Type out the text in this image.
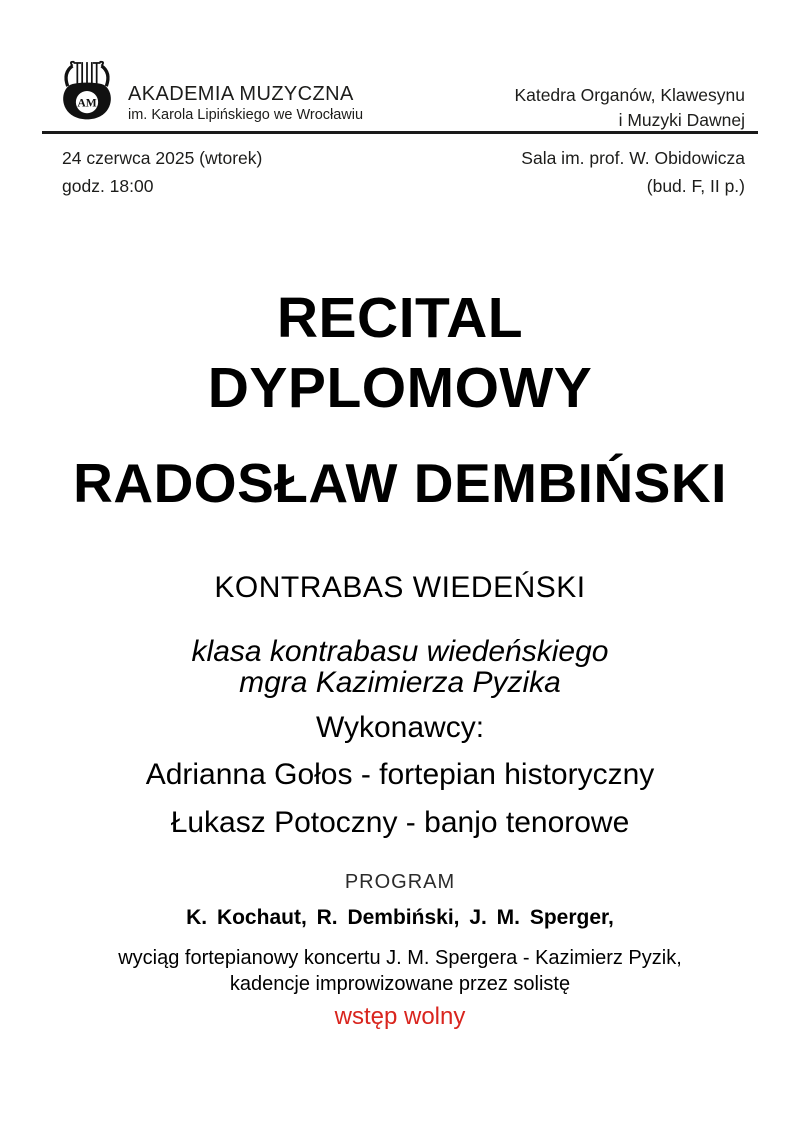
AM AKADEMIA MUZYCZNA
im. Karola Lipińskiego we Wrocławiu
Katedra Organów, Klawesynu
i Muzyki Dawnej
24 czerwca 2025 (wtorek)
godz. 18:00
Sala im. prof. W. Obidowicza
(bud. F, II p.)
RECITAL
DYPLOMOWY
RADOSŁAW DEMBIŃSKI
KONTRABAS WIEDEŃSKI
klasa kontrabasu wiedeńskiego
mgra Kazimierza Pyzika
Wykonawcy:
Adrianna Gołos - fortepian historyczny
Łukasz Potoczny - banjo tenorowe
PROGRAM
K. Kochaut, R. Dembiński, J. M. Sperger,
wyciąg fortepianowy koncertu J. M. Spergera - Kazimierz Pyzik,
kadencje improwizowane przez solistę
wstęp wolny
